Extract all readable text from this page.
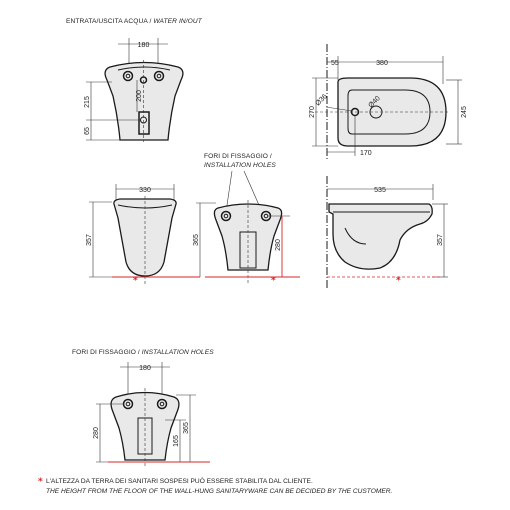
ENTRATA/USCITA ACQUA / WATER IN/OUT
180
200
215
65
55	380
Ø36	Ø40
270	245
170
330
357
*
FORI DI FISSAGGIO /
INSTALLATION HOLES
365	280
*
535
357
*
FORI DI FISSAGGIO / INSTALLATION HOLES
180
280
165
365
* L'ALTEZZA DA TERRA DEI SANITARI SOSPESI PUÒ ESSERE STABILITA DAL CLIENTE.
THE HEIGHT FROM THE FLOOR OF THE WALL-HUNG SANITARYWARE CAN BE DECIDED BY THE CUSTOMER.
